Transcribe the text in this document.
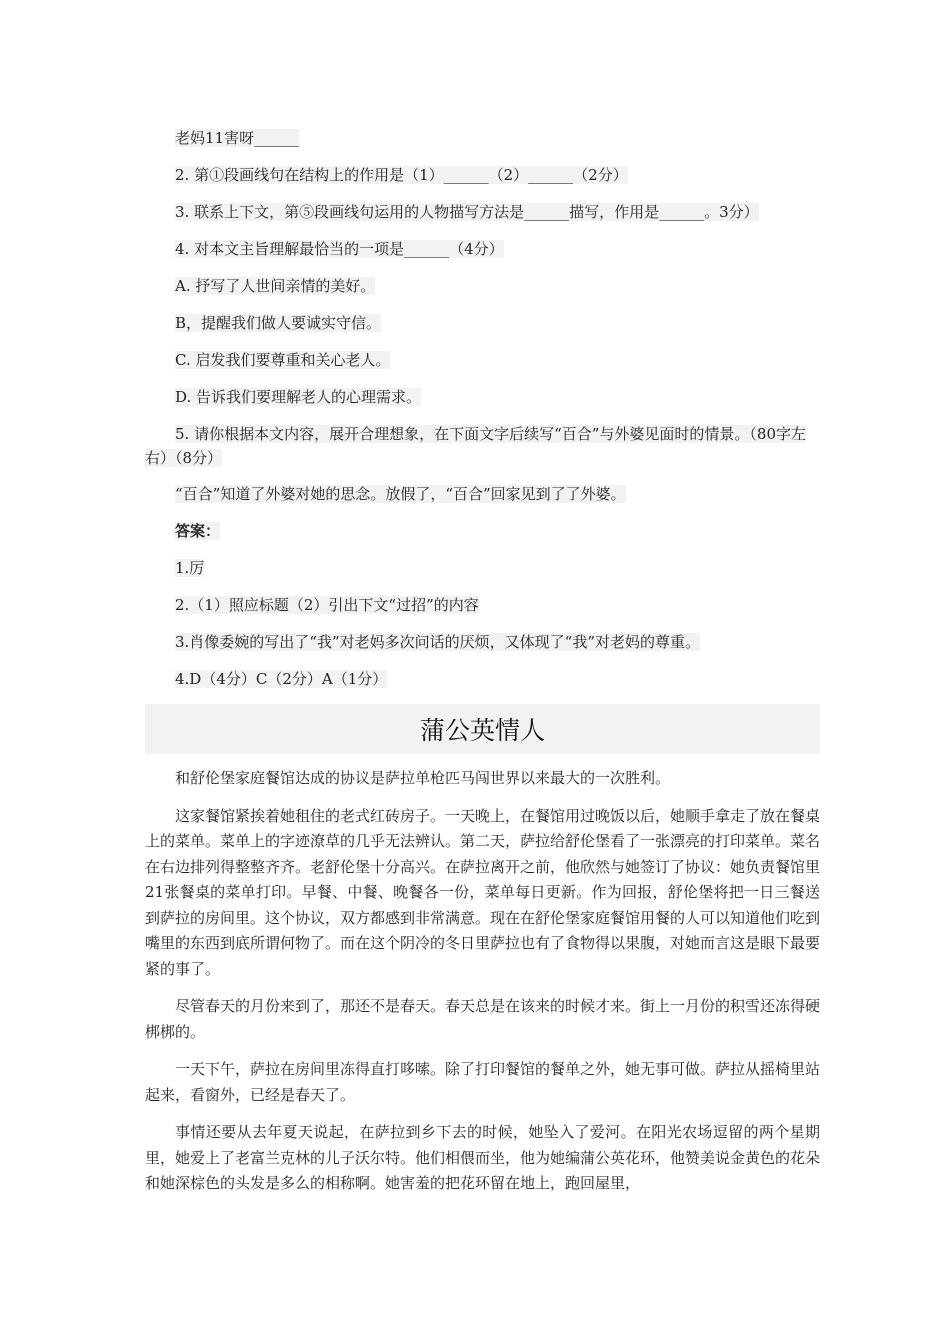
老妈11害呀______

2. 第①段画线句在结构上的作用是（1）______（2）______（2分）

3. 联系上下文，第⑤段画线句运用的人物描写方法是______描写，作用是______。3分）

4. 对本文主旨理解最恰当的一项是______（4分）

A. 抒写了人世间亲情的美好。

B，提醒我们做人要诚实守信。

C. 启发我们要尊重和关心老人。

D. 告诉我们要理解老人的心理需求。

5. 请你根据本文内容，展开合理想象，在下面文字后续写“百合”与外婆见面时的情景。（80字左右）（8分）

“百合”知道了外婆对她的思念。放假了，“百合”回家见到了了外婆。

答案：

1.厉

2.（1）照应标题（2）引出下文“过招”的内容

3.肖像委婉的写出了“我”对老妈多次问话的厌烦，又体现了“我”对老妈的尊重。

4.D（4分）C（2分）A（1分）

蒲公英情人

和舒伦堡家庭餐馆达成的协议是萨拉单枪匹马闯世界以来最大的一次胜利。

这家餐馆紧挨着她租住的老式红砖房子。一天晚上，在餐馆用过晚饭以后，她顺手拿走了放在餐桌上的菜单。菜单上的字迹潦草的几乎无法辨认。第二天，萨拉给舒伦堡看了一张漂亮的打印菜单。菜名在右边排列得整整齐齐。老舒伦堡十分高兴。在萨拉离开之前，他欣然与她签订了协议：她负责餐馆里21张餐桌的菜单打印。早餐、中餐、晚餐各一份，菜单每日更新。作为回报，舒伦堡将把一日三餐送到萨拉的房间里。这个协议，双方都感到非常满意。现在在舒伦堡家庭餐馆用餐的人可以知道他们吃到嘴里的东西到底所谓何物了。而在这个阴冷的冬日里萨拉也有了食物得以果腹，对她而言这是眼下最要紧的事了。

尽管春天的月份来到了，那还不是春天。春天总是在该来的时候才来。街上一月份的积雪还冻得硬梆梆的。

一天下午，萨拉在房间里冻得直打哆嗦。除了打印餐馆的餐单之外，她无事可做。萨拉从摇椅里站起来，看窗外，已经是春天了。

事情还要从去年夏天说起，在萨拉到乡下去的时候，她坠入了爱河。在阳光农场逗留的两个星期里，她爱上了老富兰克林的儿子沃尔特。他们相偎而坐，他为她编蒲公英花环，他赞美说金黄色的花朵和她深棕色的头发是多么的相称啊。她害羞的把花环留在地上，跑回屋里，
